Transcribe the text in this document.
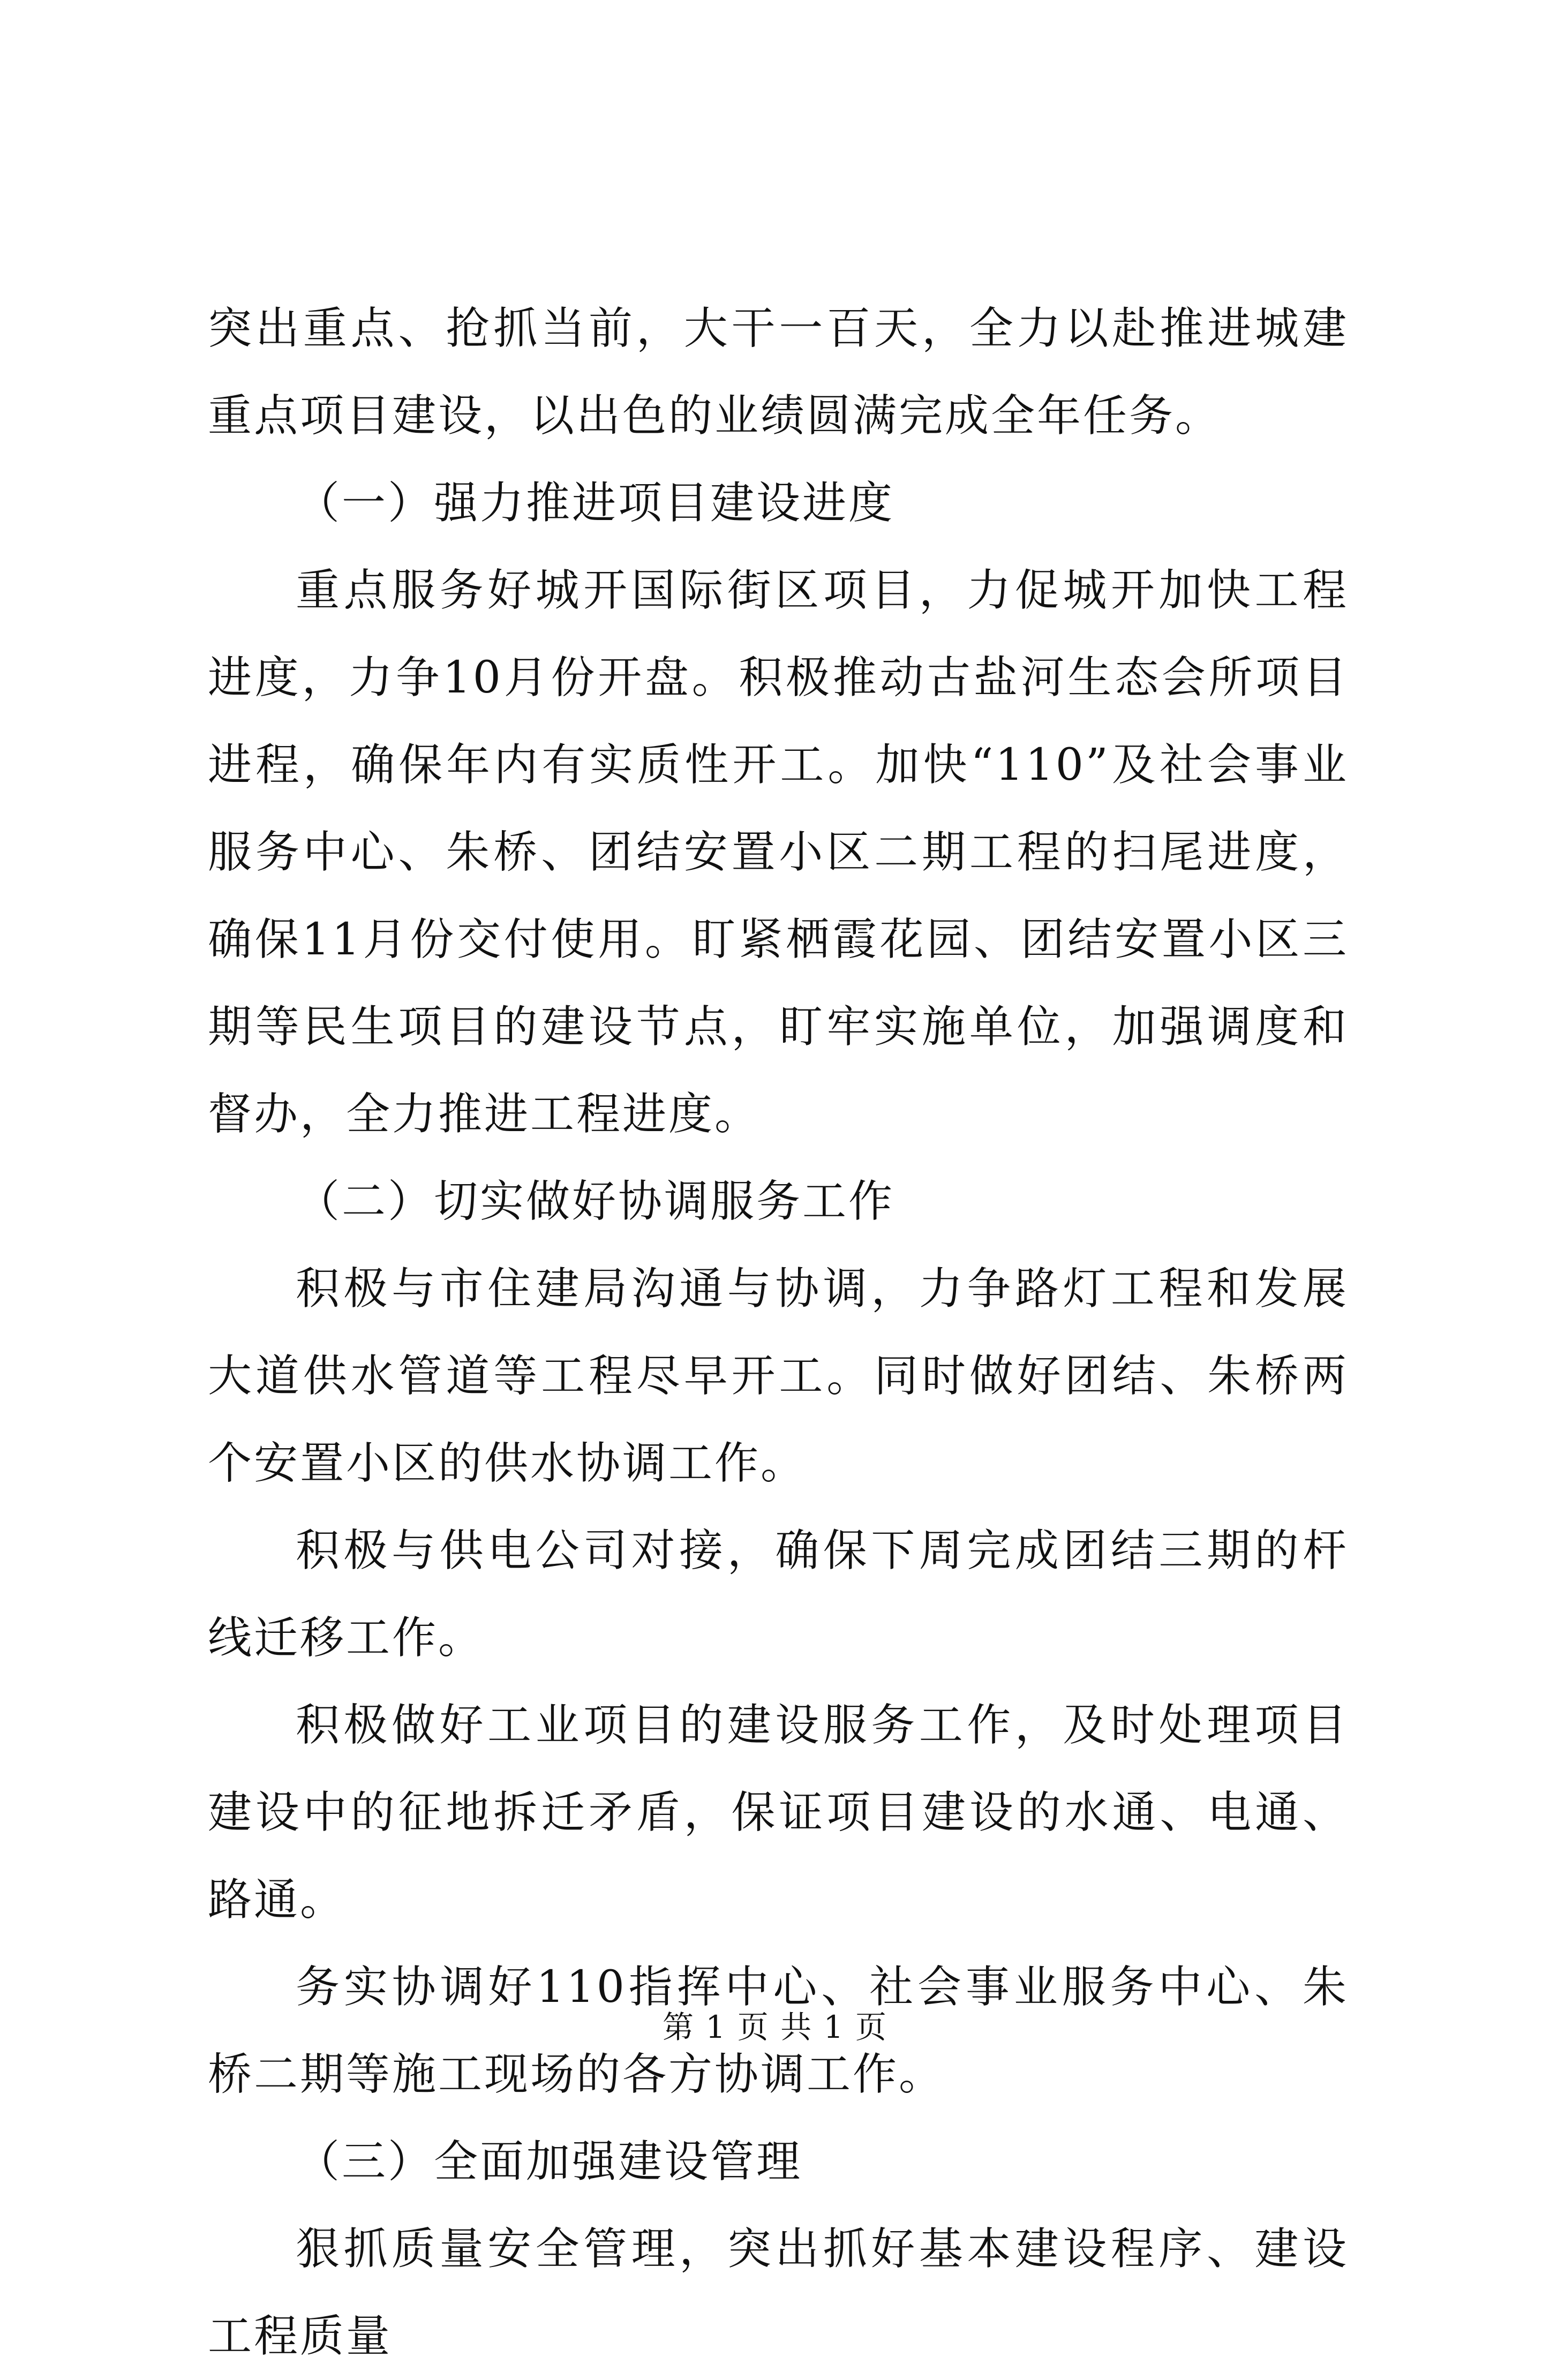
突出重点、抢抓当前，大干一百天，全力以赴推进城建重点项目建设，以出色的业绩圆满完成全年任务。

（一）强力推进项目建设进度

重点服务好城开国际街区项目，力促城开加快工程进度，力争10月份开盘。积极推动古盐河生态会所项目进程，确保年内有实质性开工。加快“110”及社会事业服务中心、朱桥、团结安置小区二期工程的扫尾进度，确保11月份交付使用。盯紧栖霞花园、团结安置小区三期等民生项目的建设节点，盯牢实施单位，加强调度和督办，全力推进工程进度。

（二）切实做好协调服务工作

积极与市住建局沟通与协调，力争路灯工程和发展大道供水管道等工程尽早开工。同时做好团结、朱桥两个安置小区的供水协调工作。

积极与供电公司对接，确保下周完成团结三期的杆线迁移工作。

积极做好工业项目的建设服务工作，及时处理项目建设中的征地拆迁矛盾，保证项目建设的水通、电通、路通。

务实协调好110指挥中心、社会事业服务中心、朱桥二期等施工现场的各方协调工作。

（三）全面加强建设管理

狠抓质量安全管理，突出抓好基本建设程序、建设工程质量

第 1 页 共 1 页
